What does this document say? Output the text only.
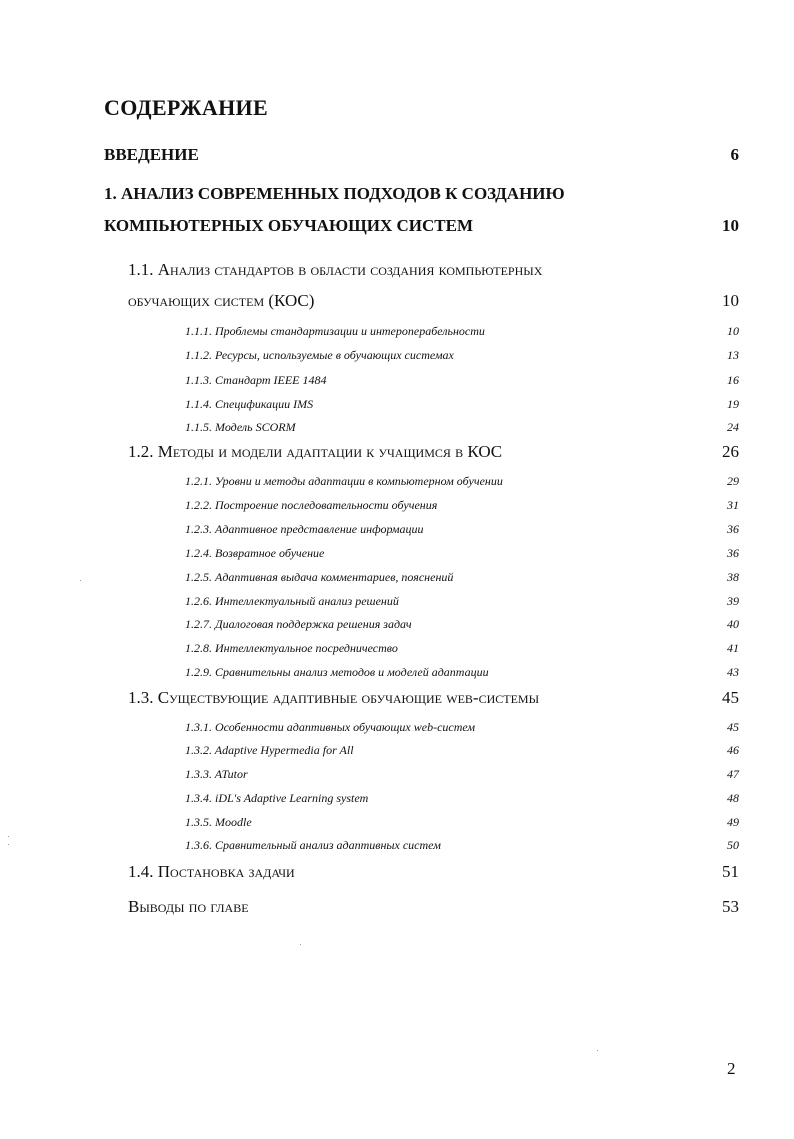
СОДЕРЖАНИЕ
ВВЕДЕНИЕ	6
1. АНАЛИЗ СОВРЕМЕННЫХ ПОДХОДОВ К СОЗДАНИЮ
КОМПЬЮТЕРНЫХ ОБУЧАЮЩИХ СИСТЕМ	10
1.1. Анализ стандартов в области создания компьютерных
обучающих систем (КОС)	10
1.1.1. Проблемы стандартизации и интероперабельности	10
1.1.2. Ресурсы, используемые в обучающих системах	13
1.1.3. Стандарт IEEE 1484	16
1.1.4. Спецификации IMS	19
1.1.5. Модель SCORM	24
1.2. Методы и модели адаптации к учащимся в КОС	26
1.2.1. Уровни и методы адаптации в компьютерном обучении	29
1.2.2. Построение последовательности обучения	31
1.2.3. Адаптивное представление информации	36
1.2.4. Возвратное обучение	36
1.2.5. Адаптивная выдача комментариев, пояснений	38
1.2.6. Интеллектуальный анализ решений	39
1.2.7. Диалоговая поддержка решения задач	40
1.2.8. Интеллектуальное посредничество	41
1.2.9. Сравнительны анализ методов и моделей адаптации	43
1.3. Существующие адаптивные обучающие web-системы	45
1.3.1. Особенности адаптивных обучающих web-систем	45
1.3.2. Adaptive Hypermedia for All	46
1.3.3. ATutor	47
1.3.4. iDL's Adaptive Learning system	48
1.3.5. Moodle	49
1.3.6. Сравнительный анализ адаптивных систем	50
1.4. Постановка задачи	51
Выводы по главе	53
2
